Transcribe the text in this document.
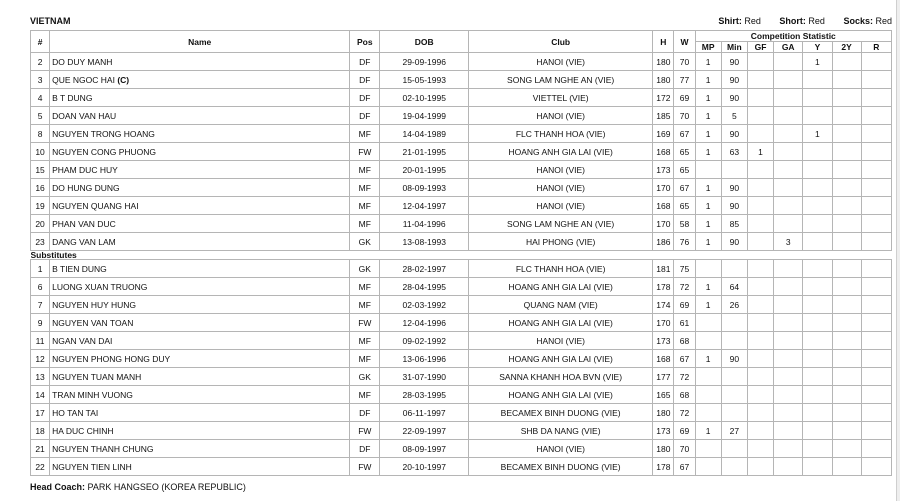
VIETNAM	Shirt: Red Short: Red Socks: Red
#	Name	Pos	DOB	Club	H	W	Competition Statistic						
							MP	Min	GF	GA	Y	2Y	R
2	DO DUY MANH	DF	29-09-1996	HANOI (VIE)	180	70	1	90			1		
3	QUE NGOC HAI (C)	DF	15-05-1993	SONG LAM NGHE AN (VIE)	180	77	1	90					
4	B T DUNG	DF	02-10-1995	VIETTEL (VIE)	172	69	1	90					
5	DOAN VAN HAU	DF	19-04-1999	HANOI (VIE)	185	70	1	5					
8	NGUYEN TRONG HOANG	MF	14-04-1989	FLC THANH HOA (VIE)	169	67	1	90			1		
10	NGUYEN CONG PHUONG	FW	21-01-1995	HOANG ANH GIA LAI (VIE)	168	65	1	63	1				
15	PHAM DUC HUY	MF	20-01-1995	HANOI (VIE)	173	65							
16	DO HUNG DUNG	MF	08-09-1993	HANOI (VIE)	170	67	1	90					
19	NGUYEN QUANG HAI	MF	12-04-1997	HANOI (VIE)	168	65	1	90					
20	PHAN VAN DUC	MF	11-04-1996	SONG LAM NGHE AN (VIE)	170	58	1	85					
23	DANG VAN LAM	GK	13-08-1993	HAI PHONG (VIE)	186	76	1	90		3			
Substitutes													
1	B TIEN DUNG	GK	28-02-1997	FLC THANH HOA (VIE)	181	75							
6	LUONG XUAN TRUONG	MF	28-04-1995	HOANG ANH GIA LAI (VIE)	178	72	1	64					
7	NGUYEN HUY HUNG	MF	02-03-1992	QUANG NAM (VIE)	174	69	1	26					
9	NGUYEN VAN TOAN	FW	12-04-1996	HOANG ANH GIA LAI (VIE)	170	61							
11	NGAN VAN DAI	MF	09-02-1992	HANOI (VIE)	173	68							
12	NGUYEN PHONG HONG DUY	MF	13-06-1996	HOANG ANH GIA LAI (VIE)	168	67	1	90					
13	NGUYEN TUAN MANH	GK	31-07-1990	SANNA KHANH HOA BVN (VIE)	177	72							
14	TRAN MINH VUONG	MF	28-03-1995	HOANG ANH GIA LAI (VIE)	165	68							
17	HO TAN TAI	DF	06-11-1997	BECAMEX BINH DUONG (VIE)	180	72							
18	HA DUC CHINH	FW	22-09-1997	SHB DA NANG (VIE)	173	69	1	27					
21	NGUYEN THANH CHUNG	DF	08-09-1997	HANOI (VIE)	180	70							
22	NGUYEN TIEN LINH	FW	20-10-1997	BECAMEX BINH DUONG (VIE)	178	67							
Head Coach: PARK HANGSEO (KOREA REPUBLIC)
